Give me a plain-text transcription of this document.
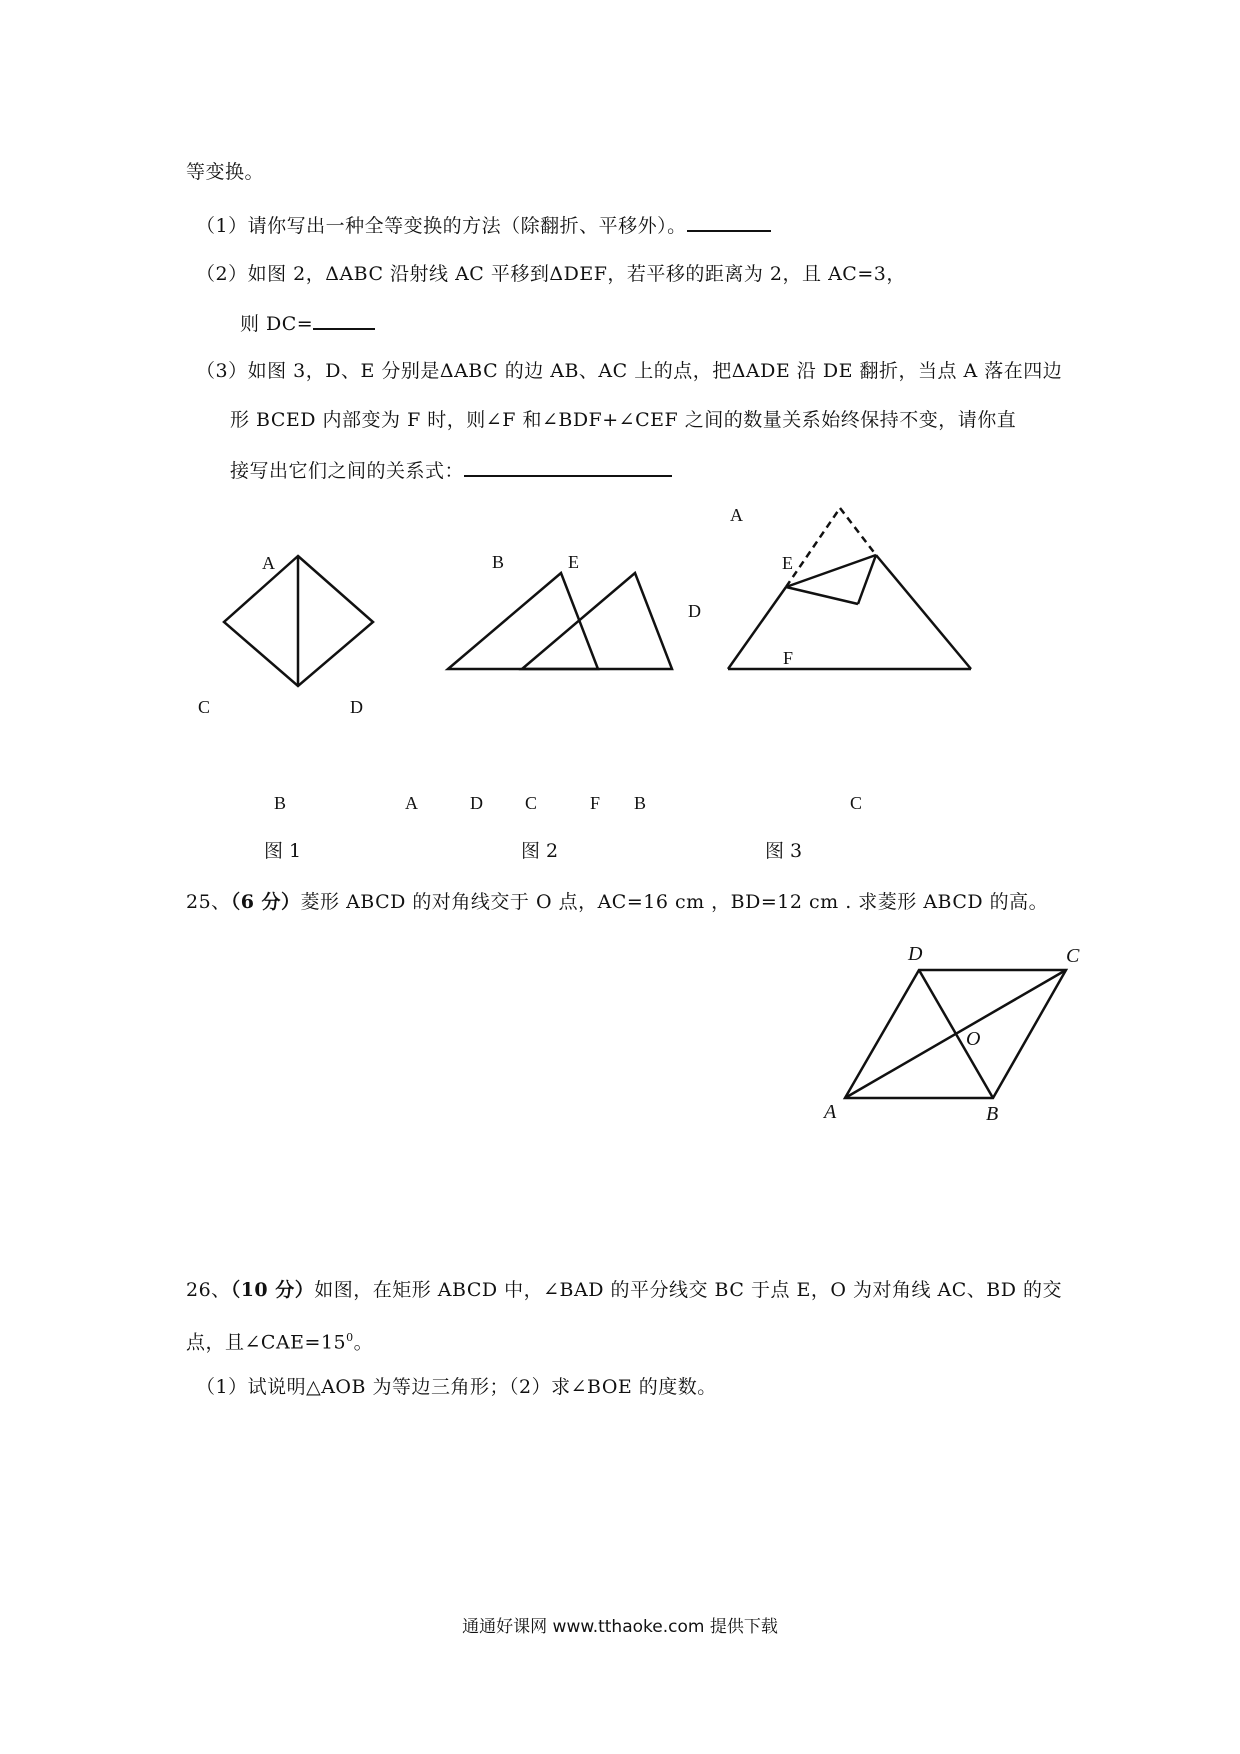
等变换。
（1）请你写出一种全等变换的方法（除翻折、平移外）。
（2）如图 2，ΔABC 沿射线 AC 平移到ΔDEF，若平移的距离为 2，且 AC=3，
则 DC=
（3）如图 3，D、E 分别是ΔABC 的边 AB、AC 上的点，把ΔADE 沿 DE 翻折，当点 A 落在四边
形 BCED 内部变为 F 时，则∠F 和∠BDF+∠CEF 之间的数量关系始终保持不变，请你直
接写出它们之间的关系式：
A
C	D
B
图 1
B	E
D
A	D C	F B
图 2
A
E
F
C
图 3
25、（6 分）菱形 ABCD 的对角线交于 O 点，AC=16 cm ，BD=12 cm . 求菱形 ABCD 的高。
D	C
O
A	B
26、（10 分）如图，在矩形 ABCD 中，∠BAD 的平分线交 BC 于点 E，O 为对角线 AC、BD 的交
点，且$\angle CAE=15^0$。
（1）试说明△AOB 为等边三角形；（2）求∠BOE 的度数。
通通好课网 www.tthaoke.com 提供下载
